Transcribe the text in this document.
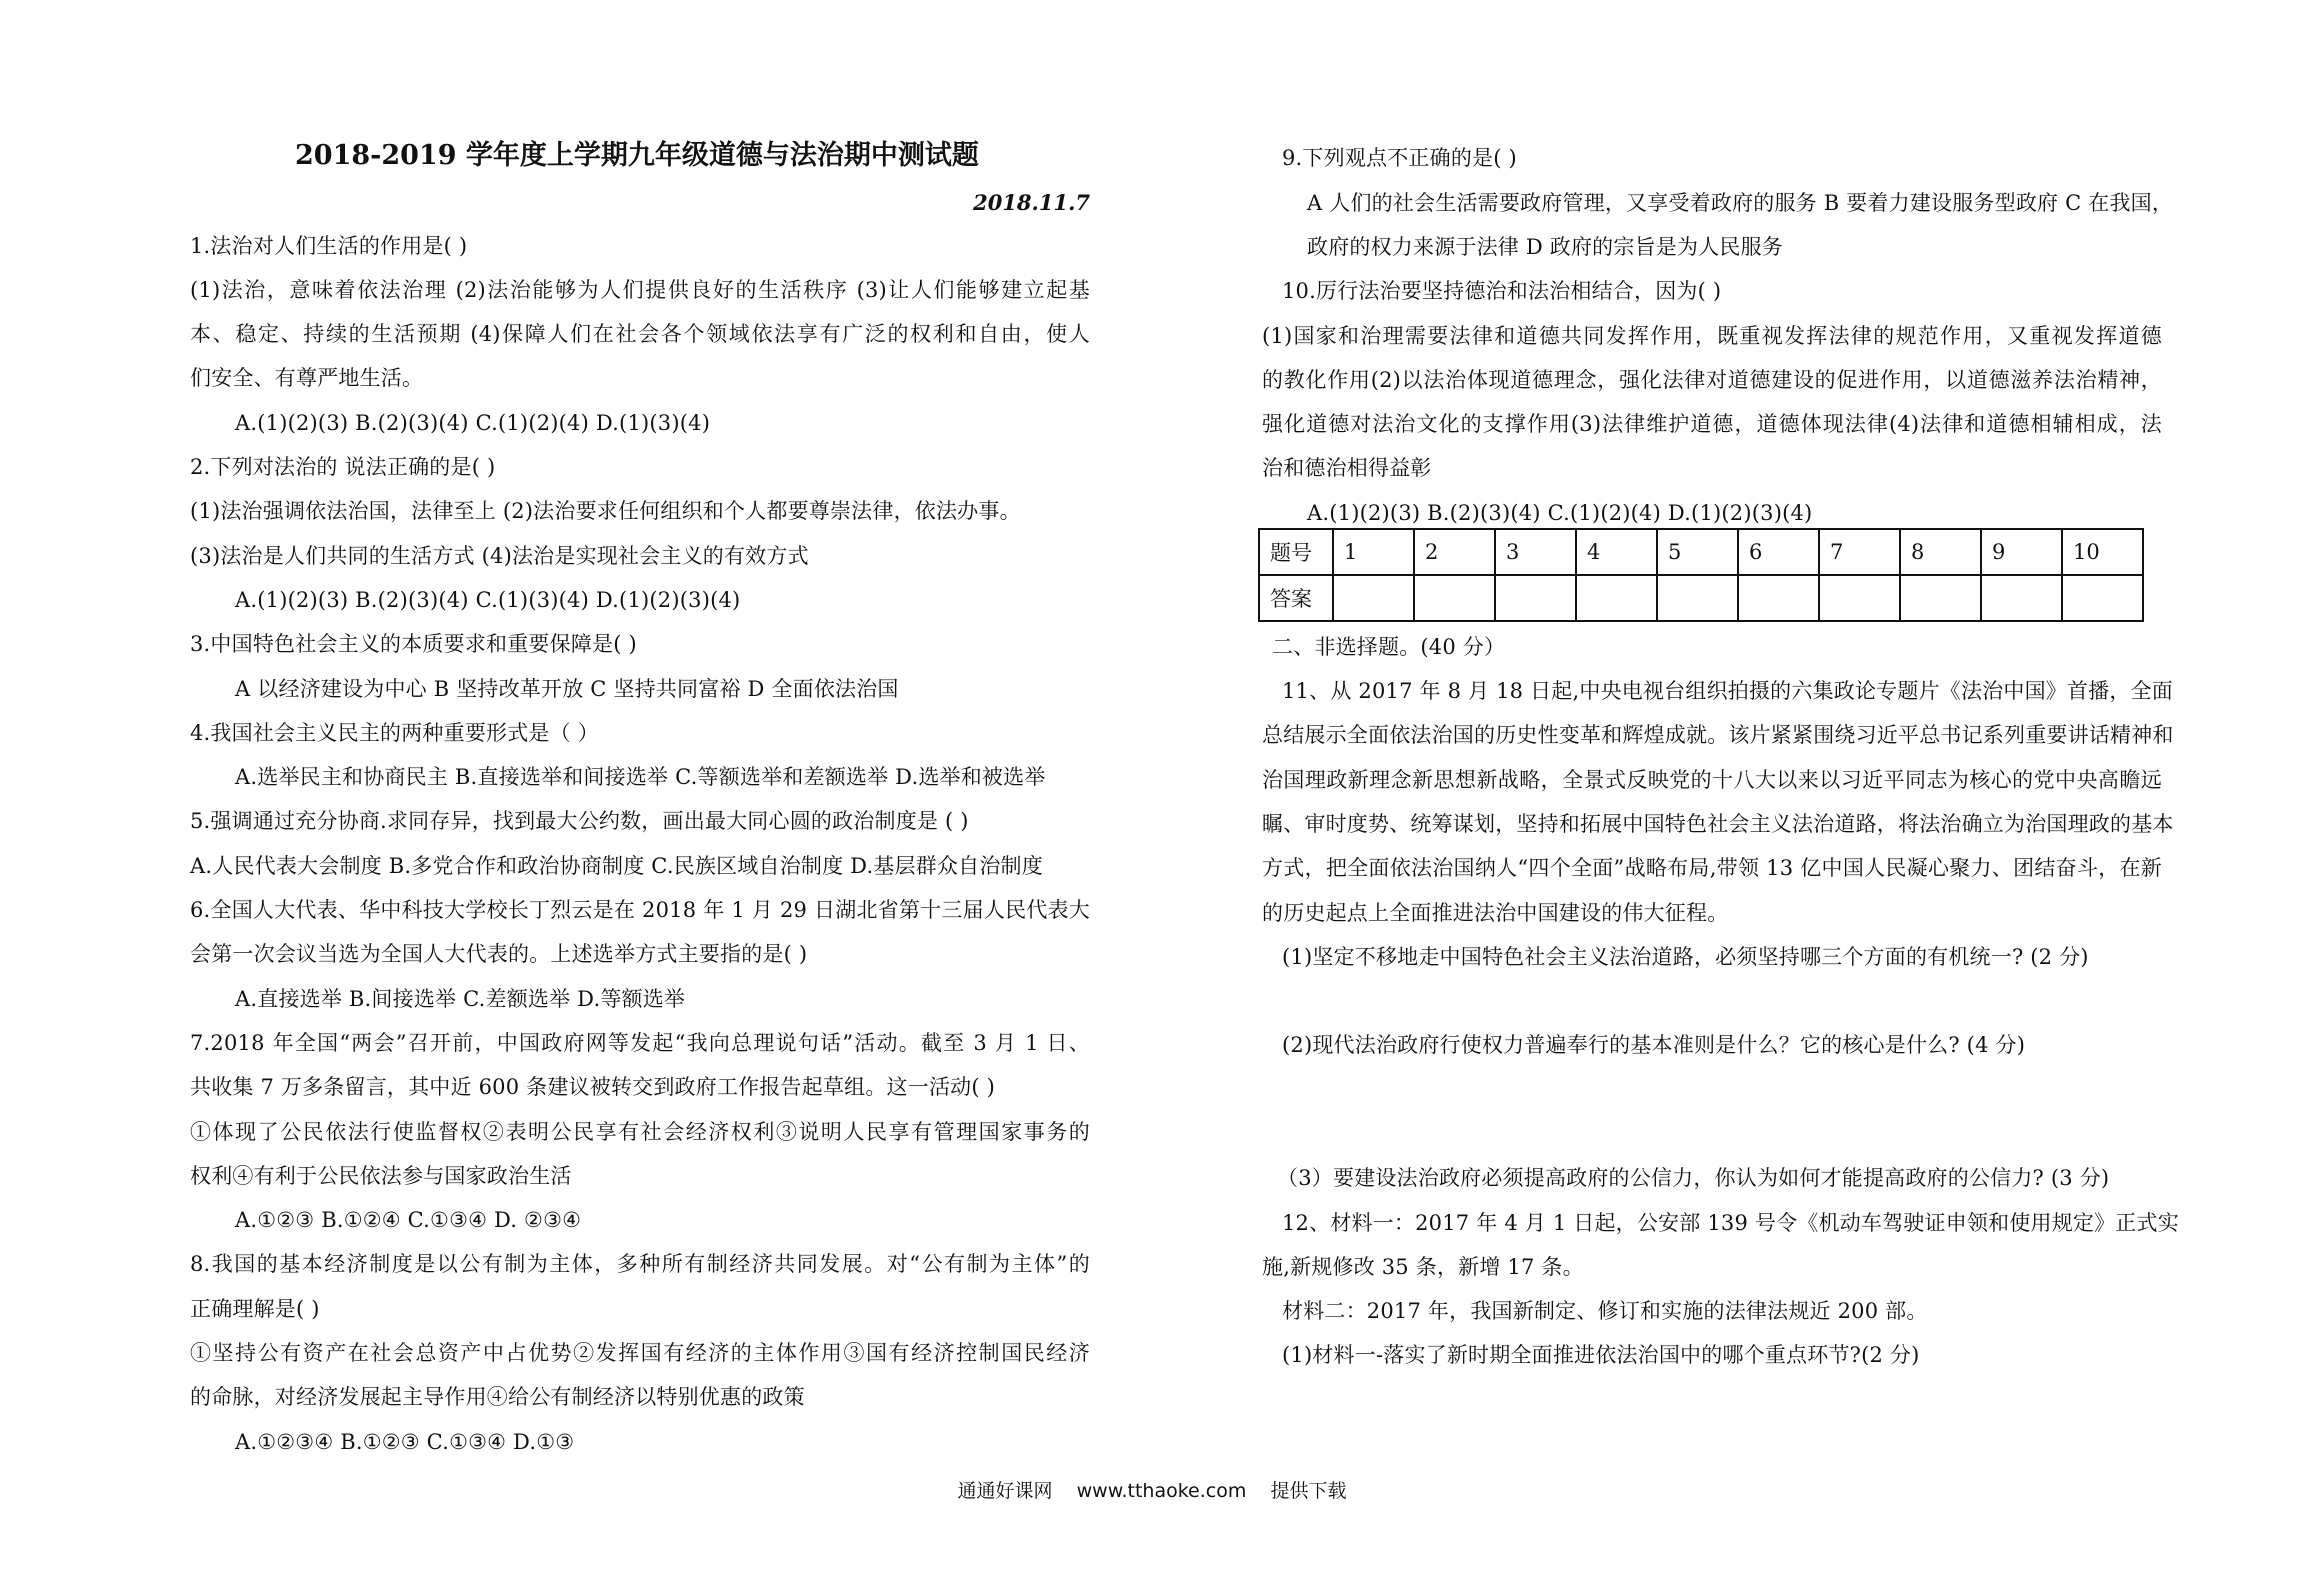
2018-2019 学年度上学期九年级道德与法治期中测试题
2018.11.7
1.法治对人们生活的作用是( )
(1)法治，意味着依法治理 (2)法治能够为人们提供良好的生活秩序 (3)让人们能够建立起基
本、稳定、持续的生活预期 (4)保障人们在社会各个领域依法享有广泛的权利和自由，使人
们安全、有尊严地生活。
A.(1)(2)(3) B.(2)(3)(4) C.(1)(2)(4) D.(1)(3)(4)
2.下列对法治的 说法正确的是( )
(1)法治强调依法治国，法律至上 (2)法治要求任何组织和个人都要尊崇法律，依法办事。
(3)法治是人们共同的生活方式 (4)法治是实现社会主义的有效方式
A.(1)(2)(3) B.(2)(3)(4) C.(1)(3)(4) D.(1)(2)(3)(4)
3.中国特色社会主义的本质要求和重要保障是( )
A 以经济建设为中心 B 坚持改革开放 C 坚持共同富裕 D 全面依法治国
4.我国社会主义民主的两种重要形式是（ ）
A.选举民主和协商民主 B.直接选举和间接选举 C.等额选举和差额选举 D.选举和被选举
5.强调通过充分协商.求同存异，找到最大公约数，画出最大同心圆的政治制度是 ( )
A.人民代表大会制度 B.多党合作和政治协商制度 C.民族区域自治制度 D.基层群众自治制度
6.全国人大代表、华中科技大学校长丁烈云是在 2018 年 1 月 29 日湖北省第十三届人民代表大
会第一次会议当选为全国人大代表的。上述选举方式主要指的是( )
A.直接选举 B.间接选举 C.差额选举 D.等额选举
7.2018 年全国“两会”召开前，中国政府网等发起“我向总理说句话”活动。截至 3 月 1 日、
共收集 7 万多条留言，其中近 600 条建议被转交到政府工作报告起草组。这一活动( )
①体现了公民依法行使监督权②表明公民享有社会经济权利③说明人民享有管理国家事务的
权利④有利于公民依法参与国家政治生活
A.①②③ B.①②④ C.①③④ D. ②③④
8.我国的基本经济制度是以公有制为主体，多种所有制经济共同发展。对“公有制为主体”的
正确理解是( )
①坚持公有资产在社会总资产中占优势②发挥国有经济的主体作用③国有经济控制国民经济
的命脉，对经济发展起主导作用④给公有制经济以特别优惠的政策
A.①②③④ B.①②③ C.①③④ D.①③
9.下列观点不正确的是( )
A 人们的社会生活需要政府管理，又享受着政府的服务 B 要着力建设服务型政府 C 在我国，
政府的权力来源于法律 D 政府的宗旨是为人民服务
10.厉行法治要坚持德治和法治相结合，因为( )
(1)国家和治理需要法律和道德共同发挥作用，既重视发挥法律的规范作用，又重视发挥道德
的教化作用(2)以法治体现道德理念，强化法律对道德建设的促进作用，以道德滋养法治精神，
强化道德对法治文化的支撑作用(3)法律维护道德，道德体现法律(4)法律和道德相辅相成，法
治和德治相得益彰
A.(1)(2)(3) B.(2)(3)(4) C.(1)(2)(4) D.(1)(2)(3)(4)
题号	1	2	3	4	5	6	7	8	9	10
答案										
二、非选择题。(40 分）
11、从 2017 年 8 月 18 日起,中央电视台组织拍摄的六集政论专题片《法治中国》首播，全面
总结展示全面依法治国的历史性变革和辉煌成就。该片紧紧围绕习近平总书记系列重要讲话精神和
治国理政新理念新思想新战略，全景式反映党的十八大以来以习近平同志为核心的党中央高瞻远
瞩、审时度势、统筹谋划，坚持和拓展中国特色社会主义法治道路，将法治确立为治国理政的基本
方式，把全面依法治国纳人“四个全面”战略布局,带领 13 亿中国人民凝心聚力、团结奋斗，在新
的历史起点上全面推进法治中国建设的伟大征程。
(1)坚定不移地走中国特色社会主义法治道路，必须坚持哪三个方面的有机统一? (2 分)
(2)现代法治政府行使权力普遍奉行的基本准则是什么？它的核心是什么? (4 分)
（3）要建设法治政府必须提高政府的公信力，你认为如何才能提高政府的公信力? (3 分)
12、材料一：2017 年 4 月 1 日起，公安部 139 号令《机动车驾驶证申领和使用规定》正式实
施,新规修改 35 条，新增 17 条。
材料二：2017 年，我国新制定、修订和实施的法律法规近 200 部。
(1)材料一-落实了新时期全面推进依法治国中的哪个重点环节?(2 分)
通通好课网    www.tthaoke.com    提供下载
